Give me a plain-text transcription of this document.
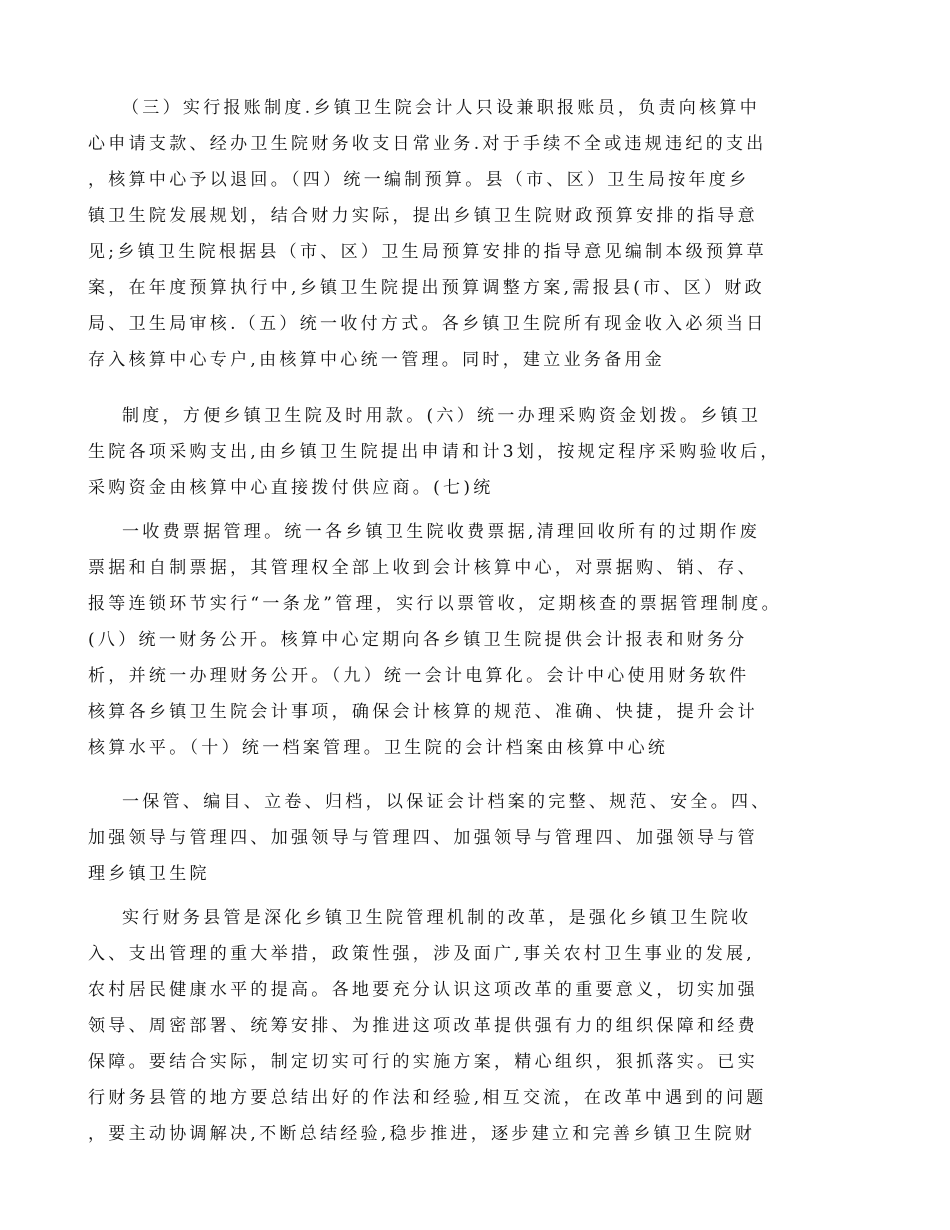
（三）实行报账制度.乡镇卫生院会计人只设兼职报账员，负责向核算中
心申请支款、经办卫生院财务收支日常业务.对于手续不全或违规违纪的支出
，核算中心予以退回。（四）统一编制预算。县（市、区）卫生局按年度乡
镇卫生院发展规划，结合财力实际，提出乡镇卫生院财政预算安排的指导意
见;乡镇卫生院根据县（市、区）卫生局预算安排的指导意见编制本级预算草
案，在年度预算执行中,乡镇卫生院提出预算调整方案,需报县(市、区）财政
局、卫生局审核.（五）统一收付方式。各乡镇卫生院所有现金收入必须当日
存入核算中心专户,由核算中心统一管理。同时，建立业务备用金
制度，方便乡镇卫生院及时用款。(六）统一办理采购资金划拨。乡镇卫
生院各项采购支出,由乡镇卫生院提出申请和计3划，按规定程序采购验收后，
采购资金由核算中心直接拨付供应商。(七)统
一收费票据管理。统一各乡镇卫生院收费票据,清理回收所有的过期作废
票据和自制票据，其管理权全部上收到会计核算中心，对票据购、销、存、
报等连锁环节实行“一条龙”管理，实行以票管收，定期核查的票据管理制度。
(八）统一财务公开。核算中心定期向各乡镇卫生院提供会计报表和财务分
析，并统一办理财务公开。（九）统一会计电算化。会计中心使用财务软件
核算各乡镇卫生院会计事项，确保会计核算的规范、准确、快捷，提升会计
核算水平。（十）统一档案管理。卫生院的会计档案由核算中心统
一保管、编目、立卷、归档，以保证会计档案的完整、规范、安全。四、
加强领导与管理四、加强领导与管理四、加强领导与管理四、加强领导与管
理乡镇卫生院
实行财务县管是深化乡镇卫生院管理机制的改革，是强化乡镇卫生院收
入、支出管理的重大举措，政策性强，涉及面广,事关农村卫生事业的发展,
农村居民健康水平的提高。各地要充分认识这项改革的重要意义，切实加强
领导、周密部署、统筹安排、为推进这项改革提供强有力的组织保障和经费
保障。要结合实际，制定切实可行的实施方案，精心组织，狠抓落实。已实
行财务县管的地方要总结出好的作法和经验,相互交流，在改革中遇到的问题
，要主动协调解决,不断总结经验,稳步推进，逐步建立和完善乡镇卫生院财
